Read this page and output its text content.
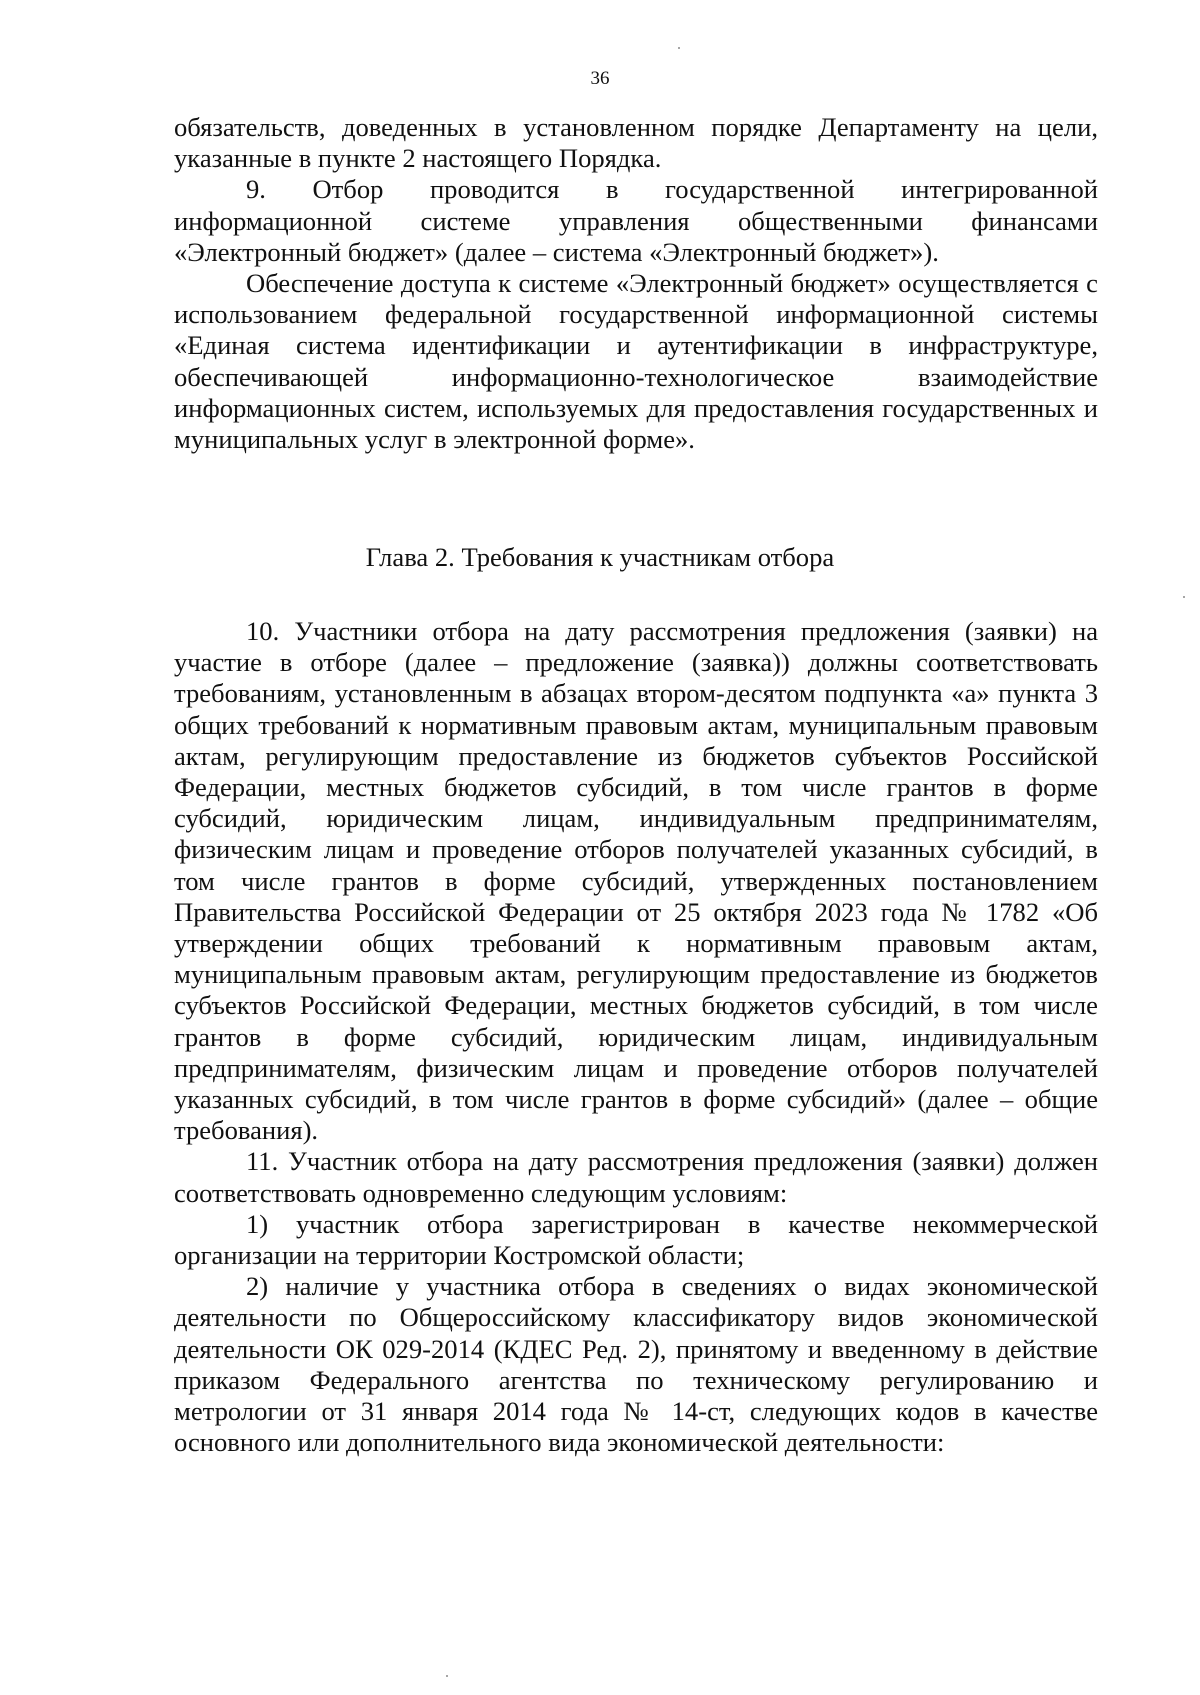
36

обязательств, доведенных в установленном порядке Департаменту на цели, указанные в пункте 2 настоящего Порядка.

9. Отбор проводится в государственной интегрированной информационной системе управления общественными финансами «Электронный бюджет» (далее – система «Электронный бюджет»).

Обеспечение доступа к системе «Электронный бюджет» осуществляется с использованием федеральной государственной информационной системы «Единая система идентификации и аутентификации в инфраструктуре, обеспечивающей информационно-технологическое взаимодействие информационных систем, используемых для предоставления государственных и муниципальных услуг в электронной форме».

Глава 2. Требования к участникам отбора

10. Участники отбора на дату рассмотрения предложения (заявки) на участие в отборе (далее – предложение (заявка)) должны соответствовать требованиям, установленным в абзацах втором-десятом подпункта «а» пункта 3 общих требований к нормативным правовым актам, муниципальным правовым актам, регулирующим предоставление из бюджетов субъектов Российской Федерации, местных бюджетов субсидий, в том числе грантов в форме субсидий, юридическим лицам, индивидуальным предпринимателям, физическим лицам и проведение отборов получателей указанных субсидий, в том числе грантов в форме субсидий, утвержденных постановлением Правительства Российской Федерации от 25 октября 2023 года № 1782 «Об утверждении общих требований к нормативным правовым актам, муниципальным правовым актам, регулирующим предоставление из бюджетов субъектов Российской Федерации, местных бюджетов субсидий, в том числе грантов в форме субсидий, юридическим лицам, индивидуальным предпринимателям, физическим лицам и проведение отборов получателей указанных субсидий, в том числе грантов в форме субсидий» (далее – общие требования).

11. Участник отбора на дату рассмотрения предложения (заявки) должен соответствовать одновременно следующим условиям:

1) участник отбора зарегистрирован в качестве некоммерческой организации на территории Костромской области;

2) наличие у участника отбора в сведениях о видах экономической деятельности по Общероссийскому классификатору видов экономической деятельности ОК 029-2014 (КДЕС Ред. 2), принятому и введенному в действие приказом Федерального агентства по техническому регулированию и метрологии от 31 января 2014 года № 14-ст, следующих кодов в качестве основного или дополнительного вида экономической деятельности:
